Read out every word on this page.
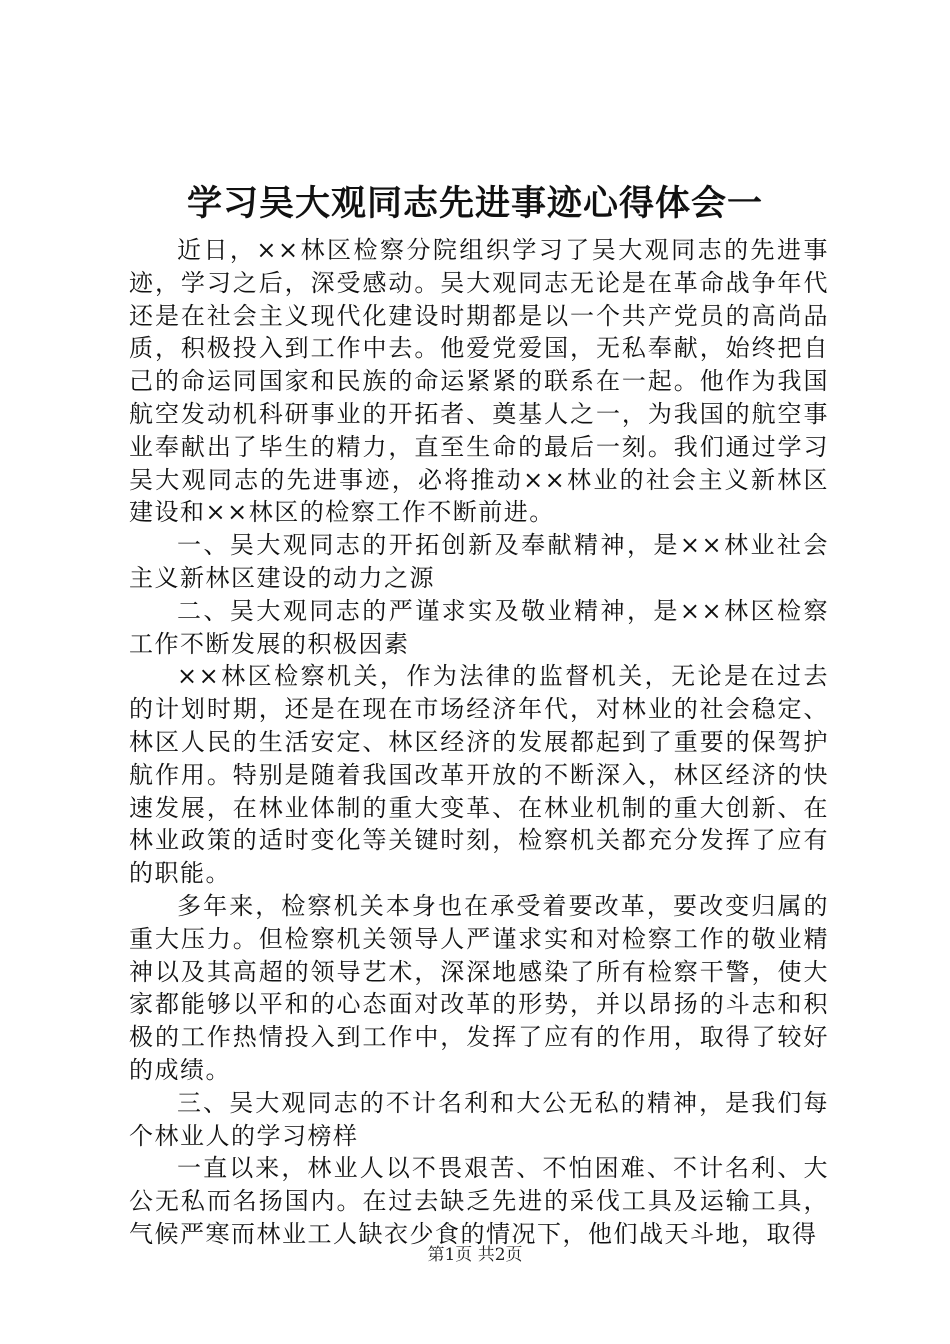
学习吴大观同志先进事迹心得体会一

近日，××林区检察分院组织学习了吴大观同志的先进事迹，学习之后，深受感动。吴大观同志无论是在革命战争年代还是在社会主义现代化建设时期都是以一个共产党员的高尚品质，积极投入到工作中去。他爱党爱国，无私奉献，始终把自己的命运同国家和民族的命运紧紧的联系在一起。他作为我国航空发动机科研事业的开拓者、奠基人之一，为我国的航空事业奉献出了毕生的精力，直至生命的最后一刻。我们通过学习吴大观同志的先进事迹，必将推动××林业的社会主义新林区建设和××林区的检察工作不断前进。

一、吴大观同志的开拓创新及奉献精神，是××林业社会主义新林区建设的动力之源

二、吴大观同志的严谨求实及敬业精神，是××林区检察工作不断发展的积极因素

××林区检察机关，作为法律的监督机关，无论是在过去的计划时期，还是在现在市场经济年代，对林业的社会稳定、林区人民的生活安定、林区经济的发展都起到了重要的保驾护航作用。特别是随着我国改革开放的不断深入，林区经济的快速发展，在林业体制的重大变革、在林业机制的重大创新、在林业政策的适时变化等关键时刻，检察机关都充分发挥了应有的职能。

多年来，检察机关本身也在承受着要改革，要改变归属的重大压力。但检察机关领导人严谨求实和对检察工作的敬业精神以及其高超的领导艺术，深深地感染了所有检察干警，使大家都能够以平和的心态面对改革的形势，并以昂扬的斗志和积极的工作热情投入到工作中，发挥了应有的作用，取得了较好的成绩。

三、吴大观同志的不计名利和大公无私的精神，是我们每个林业人的学习榜样

一直以来，林业人以不畏艰苦、不怕困难、不计名利、大公无私而名扬国内。在过去缺乏先进的采伐工具及运输工具，气候严寒而林业工人缺衣少食的情况下，他们战天斗地，取得

第1页 共2页
